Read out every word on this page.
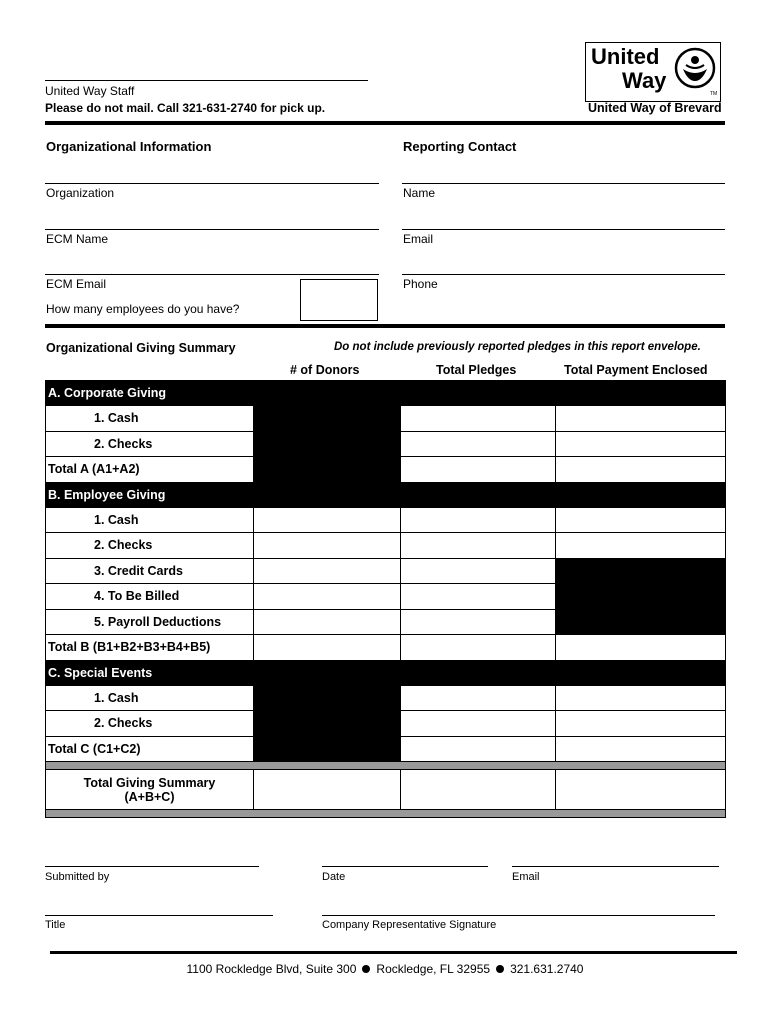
United Way Staff
Please do not mail. Call 321-631-2740 for pick up.
United
Way
TM
United Way of Brevard
Organizational Information
Organization
ECM Name
ECM Email
How many employees do you have?
Reporting Contact
Name
Email
Phone
Organizational Giving Summary	Do not include previously reported pledges in this report envelope.
# of Donors	Total Pledges	Total Payment Enclosed
A. Corporate Giving			
1. Cash			
2. Checks			
Total A (A1+A2)			
B. Employee Giving			
1. Cash			
2. Checks			
3. Credit Cards			
4. To Be Billed			
5. Payroll Deductions			
Total B (B1+B2+B3+B4+B5)			
C. Special Events			
1. Cash			
2. Checks			
Total C (C1+C2)			

Total Giving Summary
(A+B+C)			

Submitted by	Date	Email
Title	Company Representative Signature
1100 Rockledge Blvd, Suite 300 Rockledge, FL 32955 321.631.2740
